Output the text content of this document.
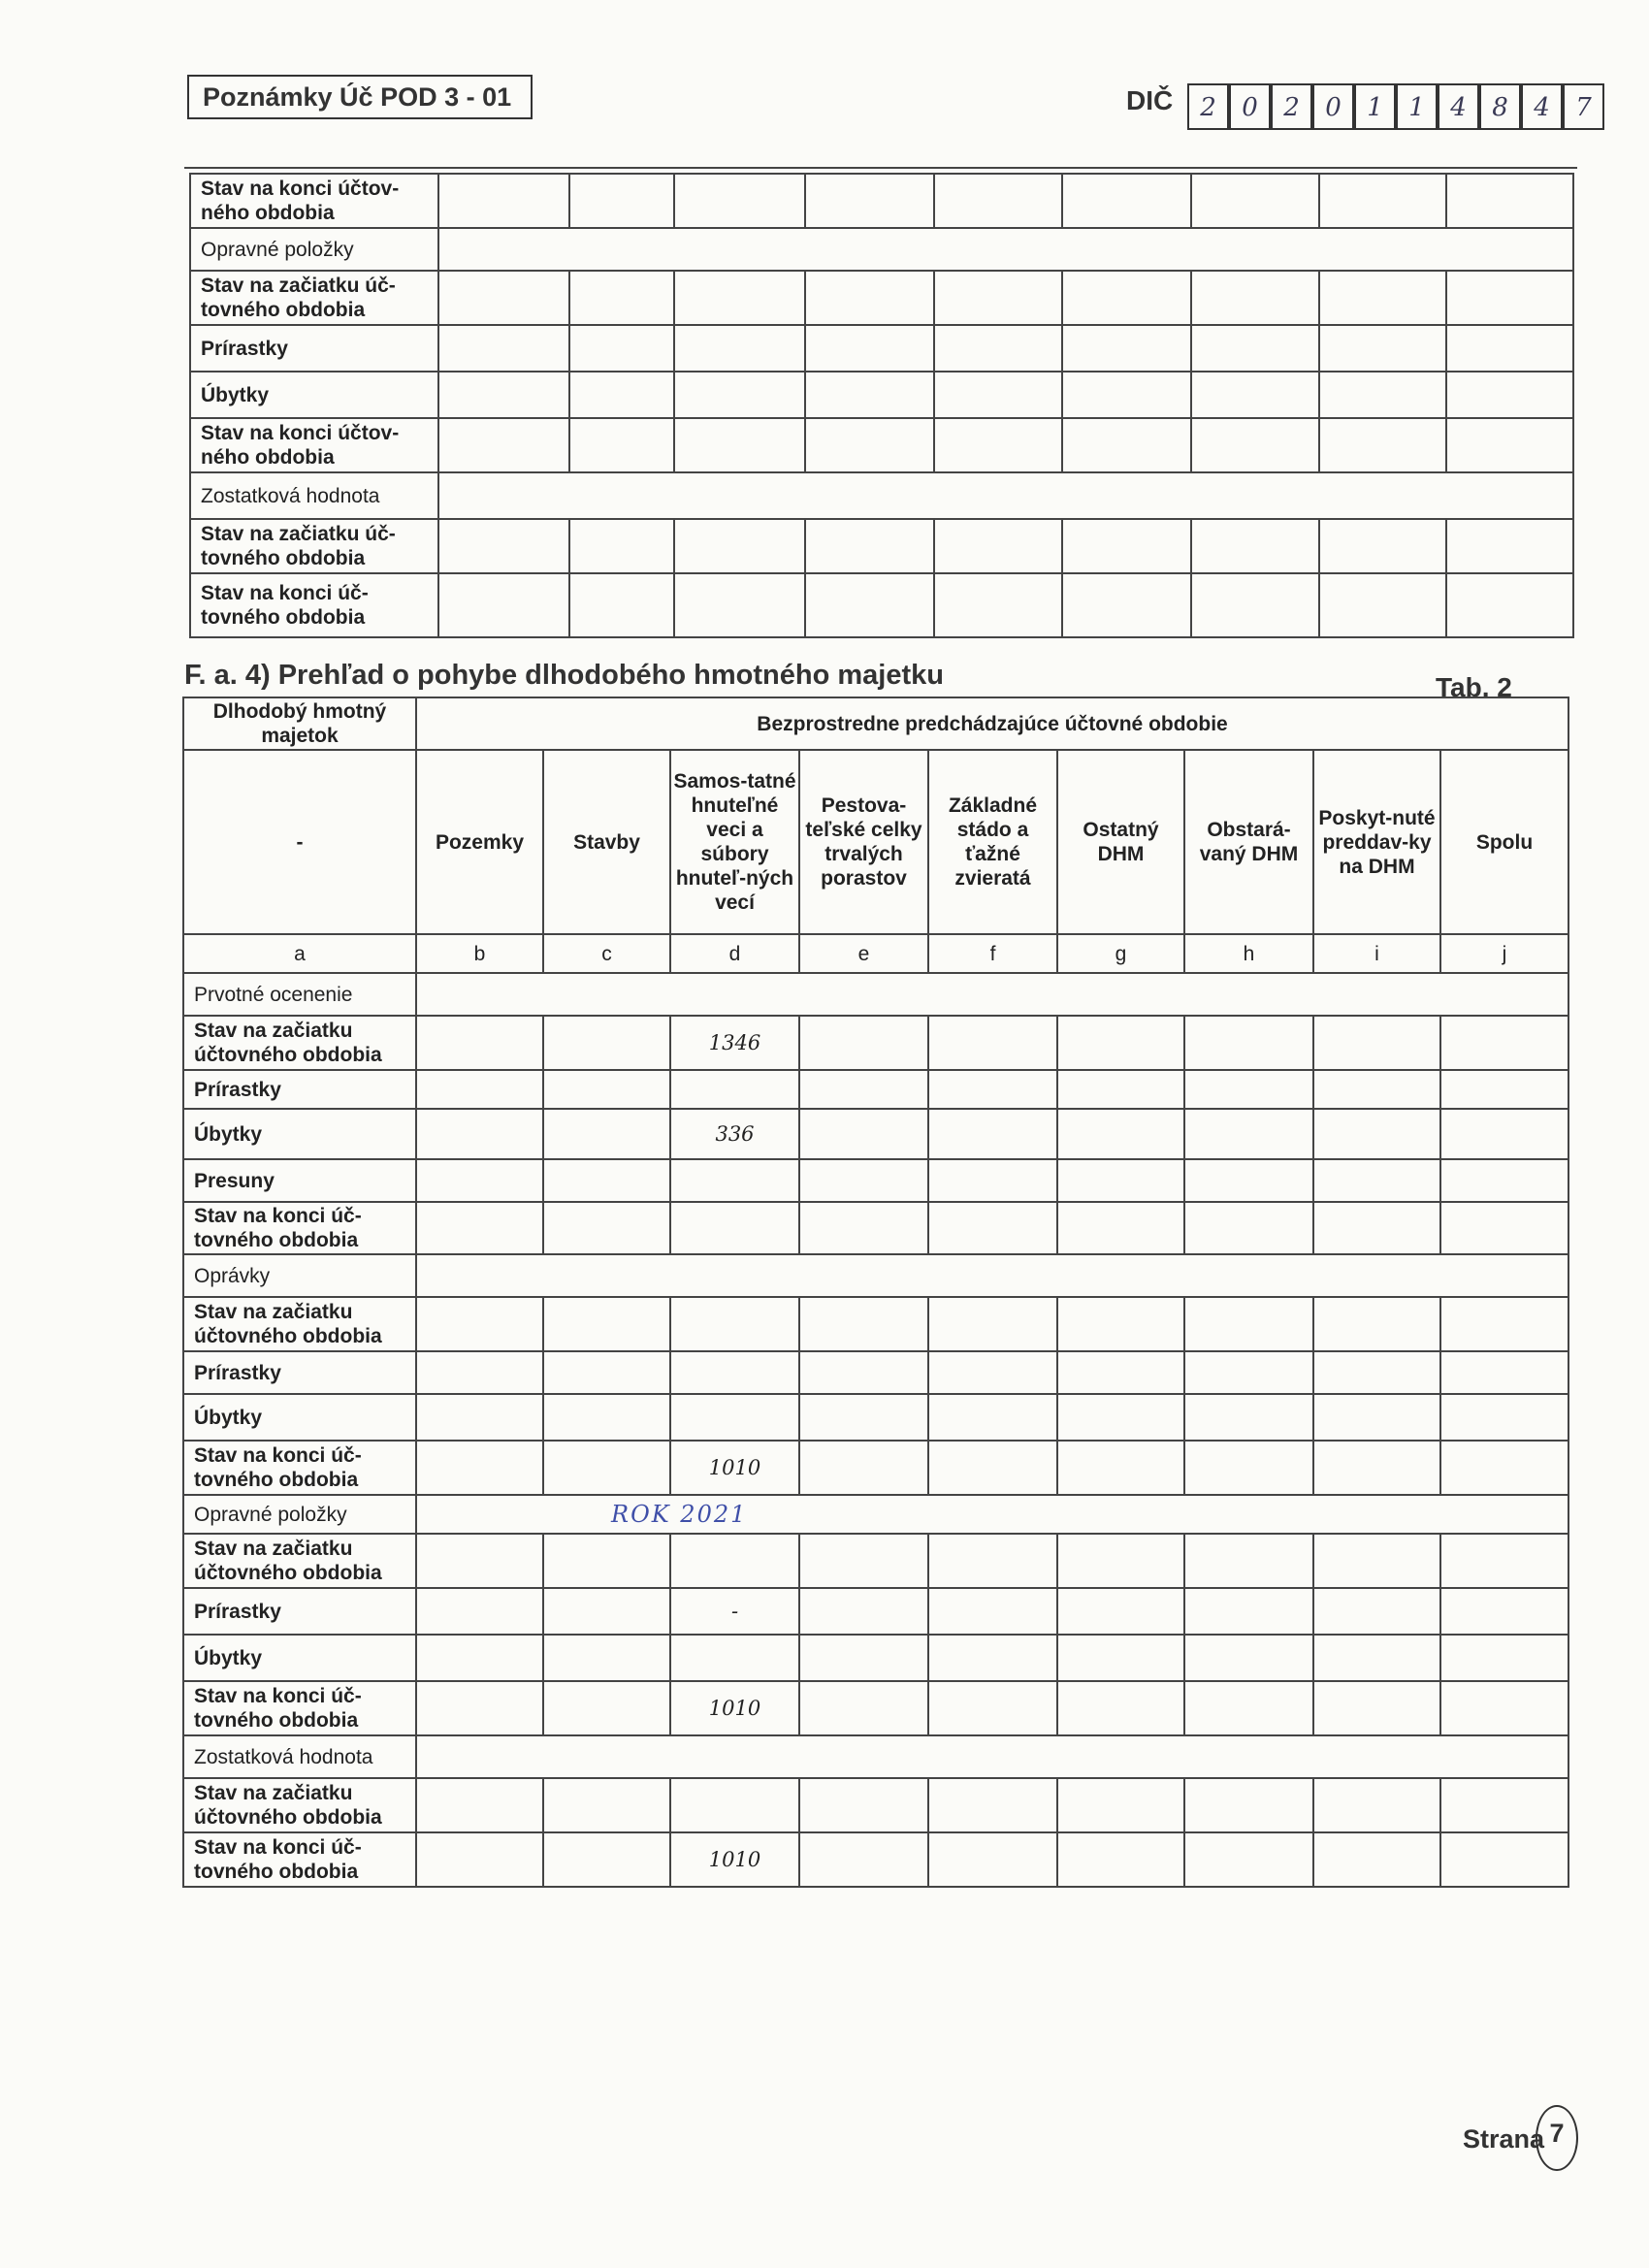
Poznámky Úč POD 3 - 01	DIČ	2	0	2	0	1	1	4	8	4	7
Stav na konci účtov-ného obdobia									
Opravné položky									
Stav na začiatku úč-tovného obdobia									
Prírastky									
Úbytky									
Stav na konci účtov-ného obdobia									
Zostatková hodnota									
Stav na začiatku úč-tovného obdobia									
Stav na konci úč-tovného obdobia									
F. a. 4) Prehľad o pohybe dlhodobého hmotného majetku	Tab. 2
Dlhodobý hmotný majetok	Bezprostredne predchádzajúce účtovné obdobie								
-	Pozemky	Stavby	Samos-tatné hnuteľné veci a súbory hnuteľ-ných vecí	Pestova-teľské celky trvalých porastov	Základné stádo a ťažné zvieratá	Ostatný DHM	Obstará-vaný DHM	Poskyt-nuté preddav-ky na DHM	Spolu
a	b	c	d	e	f	g	h	i	j
Prvotné ocenenie									
Stav na začiatku účtovného obdobia			1346						
Prírastky									
Úbytky			336						
Presuny									
Stav na konci úč-tovného obdobia									
Oprávky									
Stav na začiatku účtovného obdobia									
Prírastky									
Úbytky									
Stav na konci úč-tovného obdobia			1010						
Opravné položky	ROK 2021								

Stav na začiatku účtovného obdobia									
Prírastky			-						
Úbytky									
Stav na konci úč-tovného obdobia			1010						
Zostatková hodnota									
Stav na začiatku účtovného obdobia									
Stav na konci úč-tovného obdobia			1010						
Strana 7
